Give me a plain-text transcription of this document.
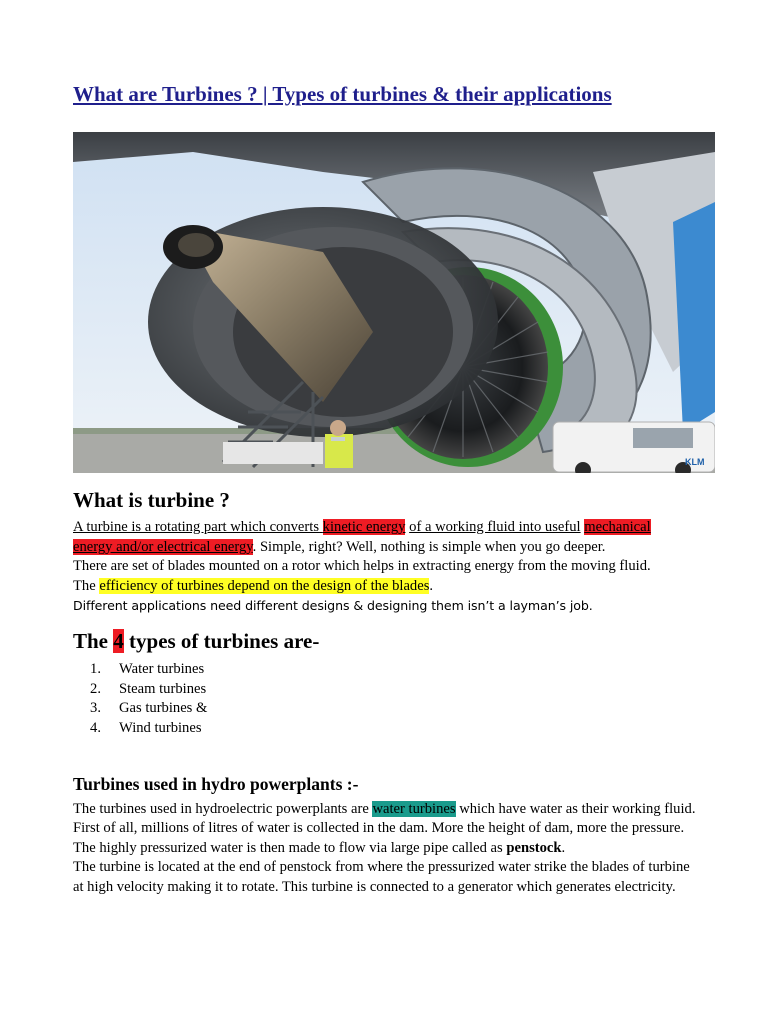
What are Turbines ? | Types of turbines & their applications
KLM
What is turbine ?

A turbine is a rotating part which converts kinetic energy of a working fluid into useful mechanical

energy and/or electrical energy. Simple, right? Well, nothing is simple when you go deeper.

There are set of blades mounted on a rotor which helps in extracting energy from the moving fluid.

The efficiency of turbines depend on the design of the blades.

Different applications need different designs & designing them isn’t a layman’s job.

The 4 types of turbines are-
1. Water turbines
2. Steam turbines
3. Gas turbines &
4. Wind turbines
Turbines used in hydro powerplants :-

The turbines used in hydroelectric powerplants are water turbines which have water as their working fluid.

First of all, millions of litres of water is collected in the dam. More the height of dam, more the pressure. The highly pressurized water is then made to flow via large pipe called as penstock.

The turbine is located at the end of penstock from where the pressurized water strike the blades of turbine at high velocity making it to rotate. This turbine is connected to a generator which generates electricity.
